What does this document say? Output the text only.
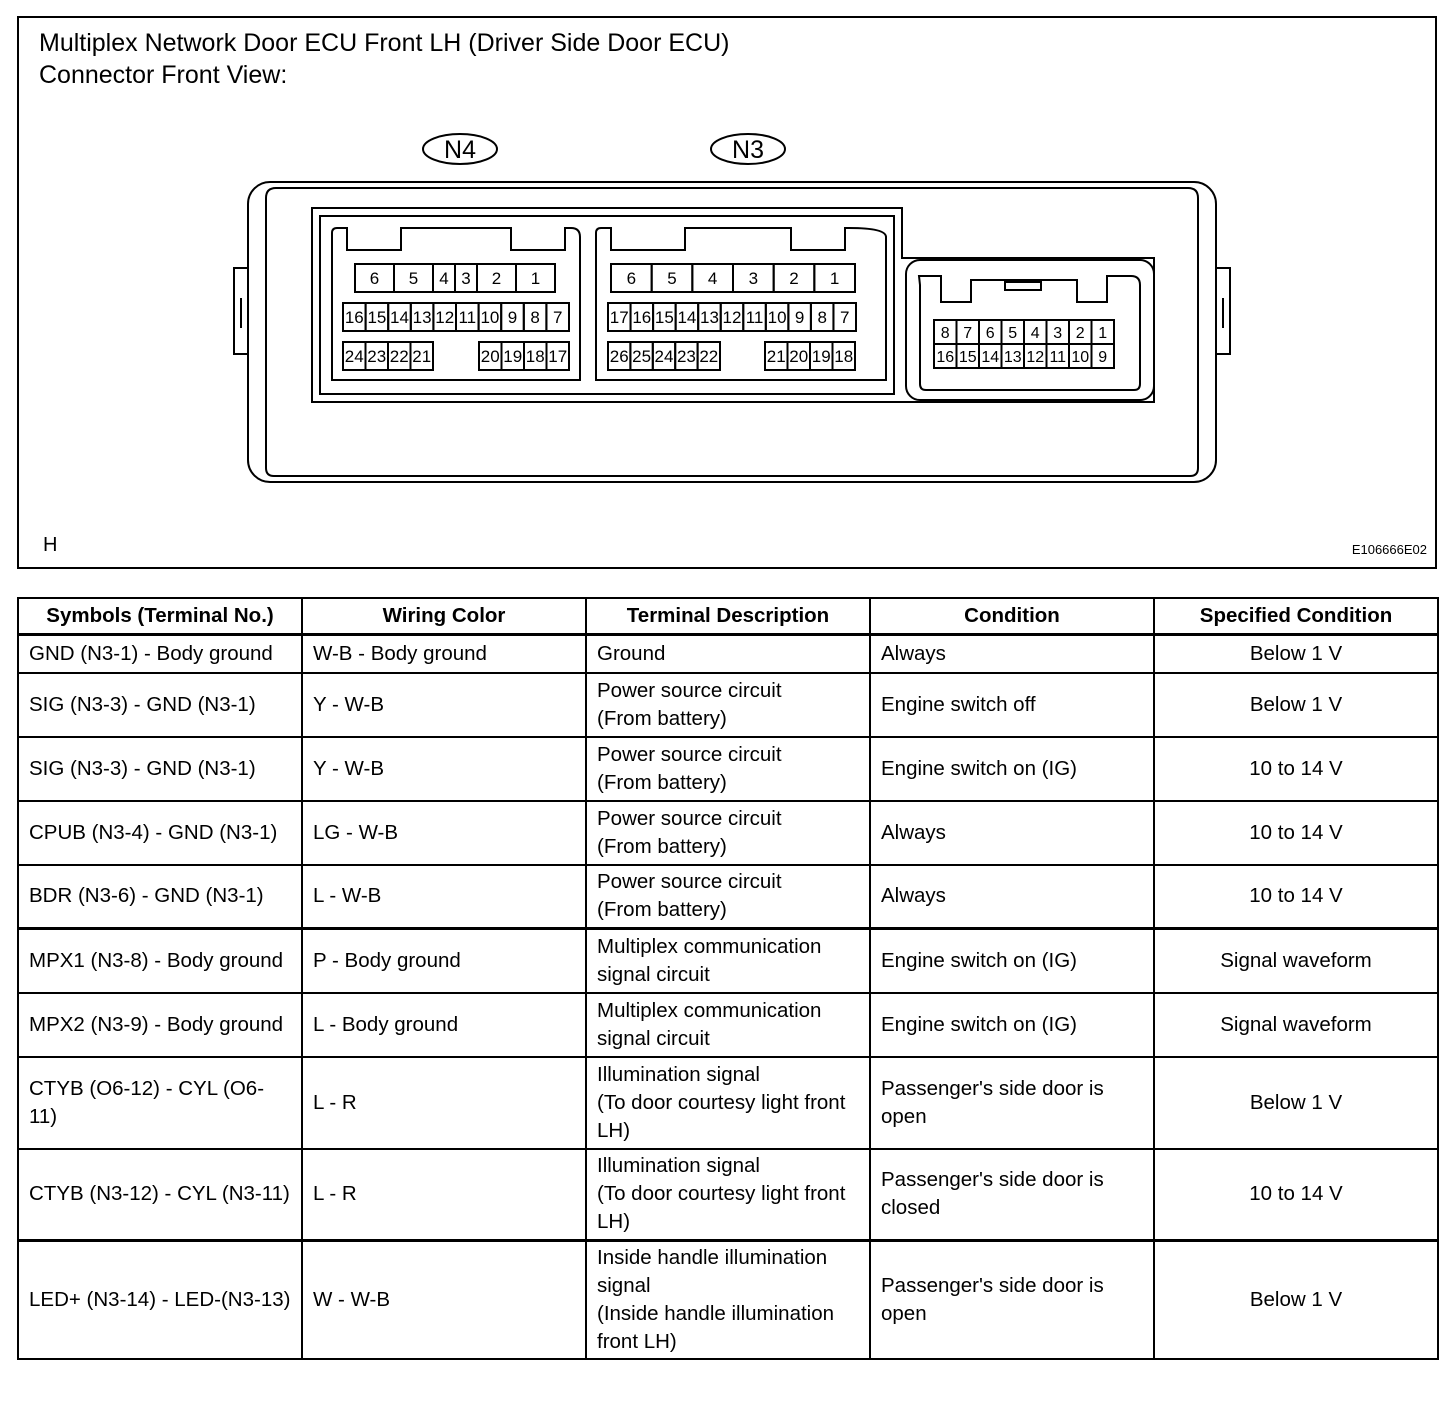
Multiplex Network Door ECU Front LH (Driver Side Door ECU)
Connector Front View:
N4	N3
6 5 4 3 2 1
16 15 14 13 12 11 10 9 8 7
24 23 22 21	20 19 18 17
6 5 4 3 2 1
17 16 15 14 13 12 11 10 9 8 7
26 25 24 23 22	21 20 19 18
8 7 6 5 4 3 2 1
16 15 14 13 12 11 10 9
H	E106666E02
Symbols (Terminal No.)	Wiring Color	Terminal Description	Condition	Specified Condition
GND (N3-1) - Body ground	W-B - Body ground	Ground	Always	Below 1 V
SIG (N3-3) - GND (N3-1)	Y - W-B	Power source circuit
(From battery)	Engine switch off	Below 1 V
SIG (N3-3) - GND (N3-1)	Y - W-B	Power source circuit
(From battery)	Engine switch on (IG)	10 to 14 V
CPUB (N3-4) - GND (N3-1)	LG - W-B	Power source circuit
(From battery)	Always	10 to 14 V
BDR (N3-6) - GND (N3-1)	L - W-B	Power source circuit
(From battery)	Always	10 to 14 V
MPX1 (N3-8) - Body ground	P - Body ground	Multiplex communication signal circuit	Engine switch on (IG)	Signal waveform
MPX2 (N3-9) - Body ground	L - Body ground	Multiplex communication signal circuit	Engine switch on (IG)	Signal waveform
CTYB (O6-12) - CYL (O6-11)	L - R	Illumination signal
(To door courtesy light front LH)	Passenger's side door is open	Below 1 V
CTYB (N3-12) - CYL (N3-11)	L - R	Illumination signal
(To door courtesy light front LH)	Passenger's side door is closed	10 to 14 V
LED+ (N3-14) - LED-(N3-13)	W - W-B	Inside handle illumination signal
(Inside handle illumination front LH)	Passenger's side door is open	Below 1 V
